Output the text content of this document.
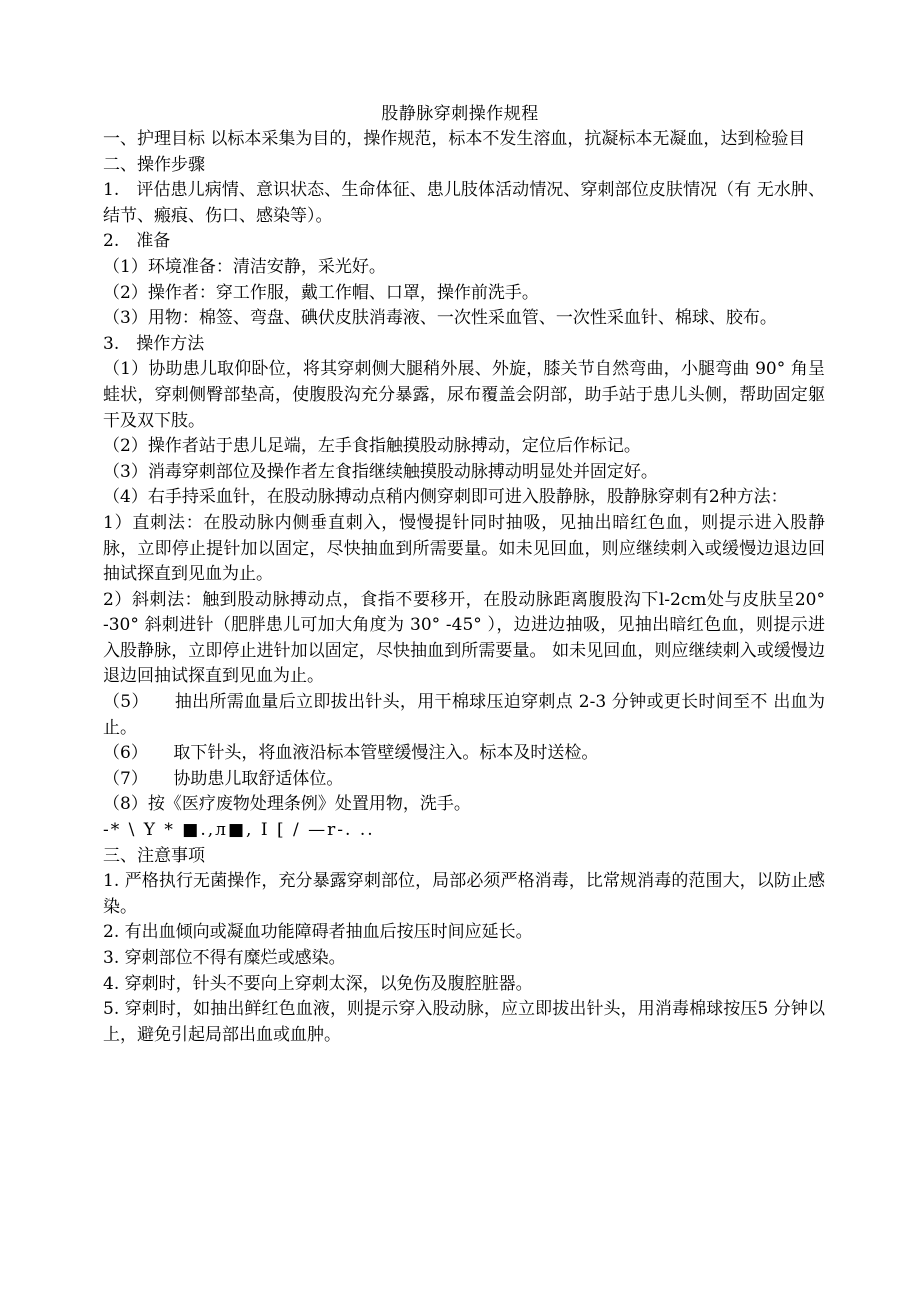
股静脉穿刺操作规程

一、护理目标 以标本采集为目的，操作规范，标本不发生溶血，抗凝标本无凝血，达到检验目

二、操作步骤

1.　评估患儿病情、意识状态、生命体征、患儿肢体活动情况、穿刺部位皮肤情况（有 无水肿、结节、瘢痕、伤口、感染等）。

2.　准备

（1）环境准备：清洁安静，采光好。

（2）操作者：穿工作服，戴工作帽、口罩，操作前洗手。

（3）用物：棉签、弯盘、碘伏皮肤消毒液、一次性采血管、一次性采血针、棉球、胶布。

3.　操作方法

（1）协助患儿取仰卧位，将其穿刺侧大腿稍外展、外旋，膝关节自然弯曲，小腿弯曲 90° 角呈蛙状，穿刺侧臀部垫高，使腹股沟充分暴露，尿布覆盖会阴部，助手站于患儿头侧，帮助固定躯干及双下肢。

（2）操作者站于患儿足端，左手食指触摸股动脉搏动，定位后作标记。

（3）消毒穿刺部位及操作者左食指继续触摸股动脉搏动明显处并固定好。

（4）右手持采血针，在股动脉搏动点稍内侧穿刺即可进入股静脉，股静脉穿刺有2种方法：

1）直刺法：在股动脉内侧垂直刺入，慢慢提针同时抽吸，见抽出暗红色血，则提示进入股静脉，立即停止提针加以固定，尽快抽血到所需要量。如未见回血，则应继续刺入或缓慢边退边回抽试探直到见血为止。

2）斜刺法：触到股动脉搏动点，食指不要移开，在股动脉距离腹股沟下l-2cm处与皮肤呈20° -30° 斜刺进针（肥胖患儿可加大角度为 30° -45° ），边进边抽吸，见抽出暗红色血，则提示进入股静脉，立即停止进针加以固定，尽快抽血到所需要量。 如未见回血，则应继续刺入或缓慢边退边回抽试探直到见血为止。

（5）　　抽出所需血量后立即拔出针头，用干棉球压迫穿刺点 2-3 分钟或更长时间至不 出血为止。

（6）　　取下针头，将血液沿标本管壁缓慢注入。标本及时送检。

（7）　　协助患儿取舒适体位。

（8）按《医疗废物处理条例》处置用物，洗手。

-* \ Y * ■.,л■, I [ / —r-. ..

三、注意事项

1. 严格执行无菌操作，充分暴露穿刺部位，局部必须严格消毒，比常规消毒的范围大，以防止感染。

2. 有出血倾向或凝血功能障碍者抽血后按压时间应延长。

3. 穿刺部位不得有糜烂或感染。

4. 穿刺时，针头不要向上穿刺太深，以免伤及腹腔脏器。

5. 穿刺时，如抽出鲜红色血液，则提示穿入股动脉，应立即拔出针头，用消毒棉球按压5 分钟以上，避免引起局部出血或血肿。
